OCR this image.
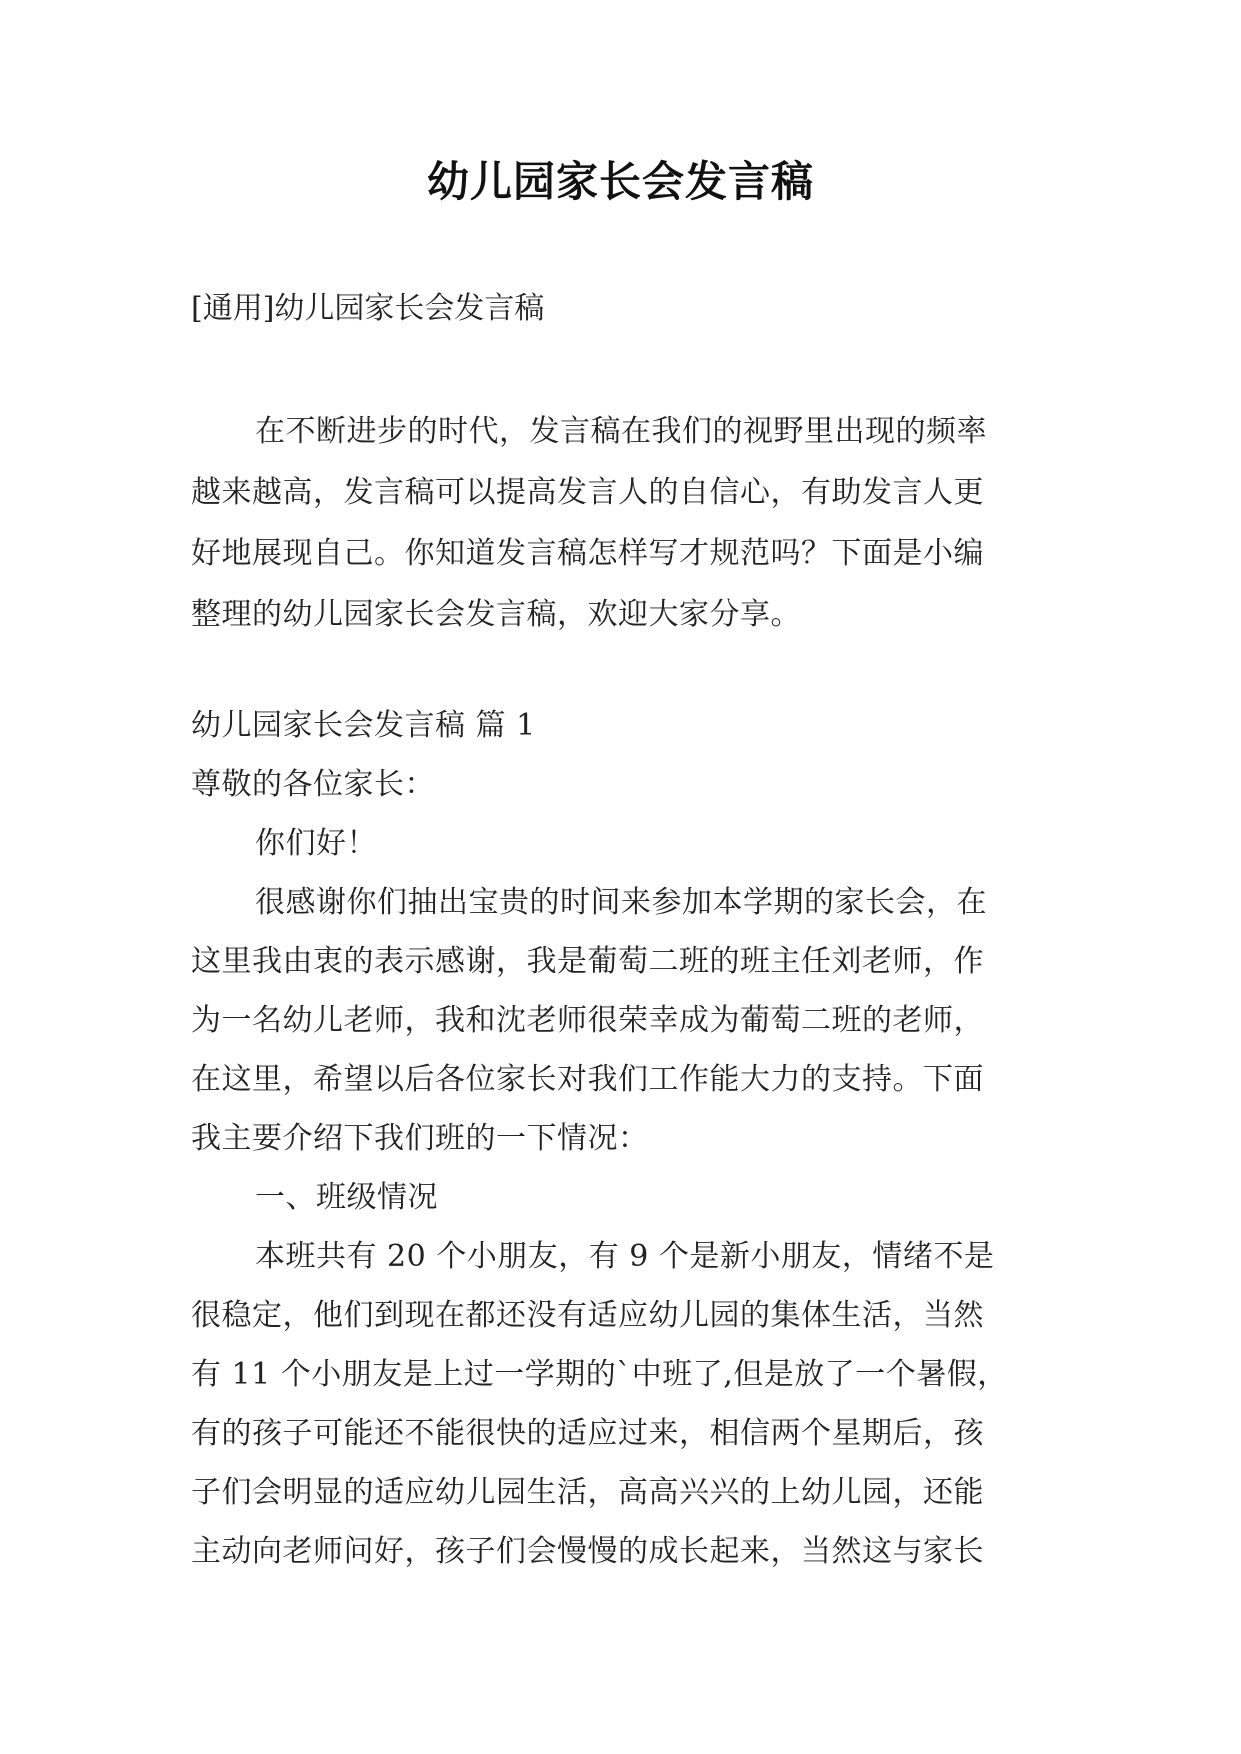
幼儿园家长会发言稿

[通用]幼儿园家长会发言稿

在不断进步的时代，发言稿在我们的视野里出现的频率
越来越高，发言稿可以提高发言人的自信心，有助发言人更
好地展现自己。你知道发言稿怎样写才规范吗？下面是小编
整理的幼儿园家长会发言稿，欢迎大家分享。
幼儿园家长会发言稿 篇 1
尊敬的各位家长：
你们好！
很感谢你们抽出宝贵的时间来参加本学期的家长会，在
这里我由衷的表示感谢，我是葡萄二班的班主任刘老师，作
为一名幼儿老师，我和沈老师很荣幸成为葡萄二班的老师，
在这里，希望以后各位家长对我们工作能大力的支持。下面
我主要介绍下我们班的一下情况：
一、班级情况
本班共有 20 个小朋友，有 9 个是新小朋友，情绪不是
很稳定，他们到现在都还没有适应幼儿园的集体生活，当然
有 11 个小朋友是上过一学期的`中班了,但是放了一个暑假，
有的孩子可能还不能很快的适应过来，相信两个星期后，孩
子们会明显的适应幼儿园生活，高高兴兴的上幼儿园，还能
主动向老师问好，孩子们会慢慢的成长起来，当然这与家长
